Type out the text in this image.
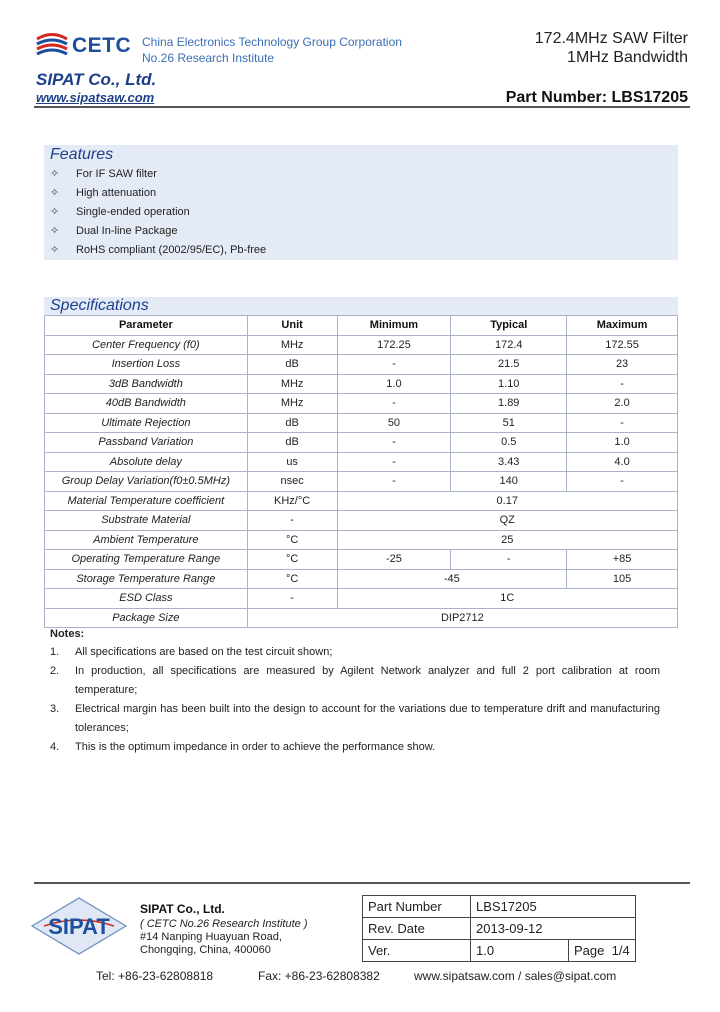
CETC China Electronics Technology Group Corporation
No.26 Research Institute
172.4MHz SAW Filter
1MHz Bandwidth
SIPAT Co., Ltd.
www.sipatsaw.com	Part Number: LBS17205
Features
✧ For IF SAW filter
✧ High attenuation
✧ Single-ended operation
✧ Dual In-line Package
✧ RoHS compliant (2002/95/EC), Pb-free
Specifications
Parameter	Unit	Minimum	Typical	Maximum
Center Frequency (f0)	MHz	172.25	172.4	172.55
Insertion Loss	dB	-	21.5	23
3dB Bandwidth	MHz	1.0	1.10	-
40dB Bandwidth	MHz	-	1.89	2.0
Ultimate Rejection	dB	50	51	-
Passband Variation	dB	-	0.5	1.0
Absolute delay	us	-	3.43	4.0
Group Delay Variation(f0±0.5MHz)	nsec	-	140	-
Material Temperature coefficient	KHz/°C	0.17		
Substrate Material	-	QZ		
Ambient Temperature	°C	25		
Operating Temperature Range	°C	-25	-	+85
Storage Temperature Range	°C	-45		105
ESD Class	-	1C		
Package Size	DIP2712			
Notes:
1.	All specifications are based on the test circuit shown;
2.	In production, all specifications are measured by Agilent Network analyzer and full 2 port calibration at room temperature;
3.	Electrical margin has been built into the design to account for the variations due to temperature drift and manufacturing tolerances;
4.	This is the optimum impedance in order to achieve the performance show.
SIPAT
SIPAT Co., Ltd.
( CETC No.26 Research Institute )
#14 Nanping Huayuan Road,
Chongqing, China, 400060
Part Number	LBS17205	
Rev. Date	2013-09-12	
Ver.	1.0	Page 1/4
Tel: +86-23-62808818	Fax: +86-23-62808382	www.sipatsaw.com / sales@sipat.com
